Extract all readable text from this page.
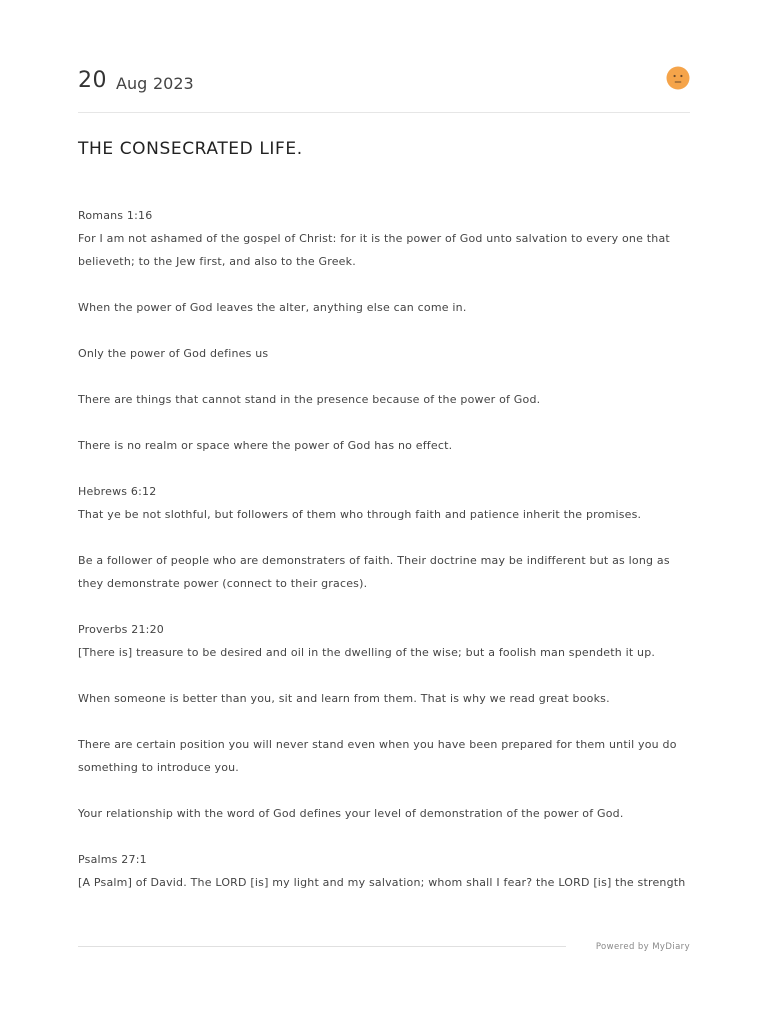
20 Aug 2023
THE CONSECRATED LIFE.

Romans 1:16

For I am not ashamed of the gospel of Christ: for it is the power of God unto salvation to every one that believeth; to the Jew first, and also to the Greek.

When the power of God leaves the alter, anything else can come in.

Only the power of God defines us

There are things that cannot stand in the presence because of the power of God.

There is no realm or space where the power of God has no effect.

Hebrews 6:12

That ye be not slothful, but followers of them who through faith and patience inherit the promises.

Be a follower of people who are demonstraters of faith. Their doctrine may be indifferent but as long as they demonstrate power (connect to their graces).

Proverbs 21:20

[There is] treasure to be desired and oil in the dwelling of the wise; but a foolish man spendeth it up.

When someone is better than you, sit and learn from them. That is why we read great books.

There are certain position you will never stand even when you have been prepared for them until you do something to introduce you.

Your relationship with the word of God defines your level of demonstration of the power of God.

Psalms 27:1

[A Psalm] of David. The LORD [is] my light and my salvation; whom shall I fear? the LORD [is] the strength

Powered by MyDiary
